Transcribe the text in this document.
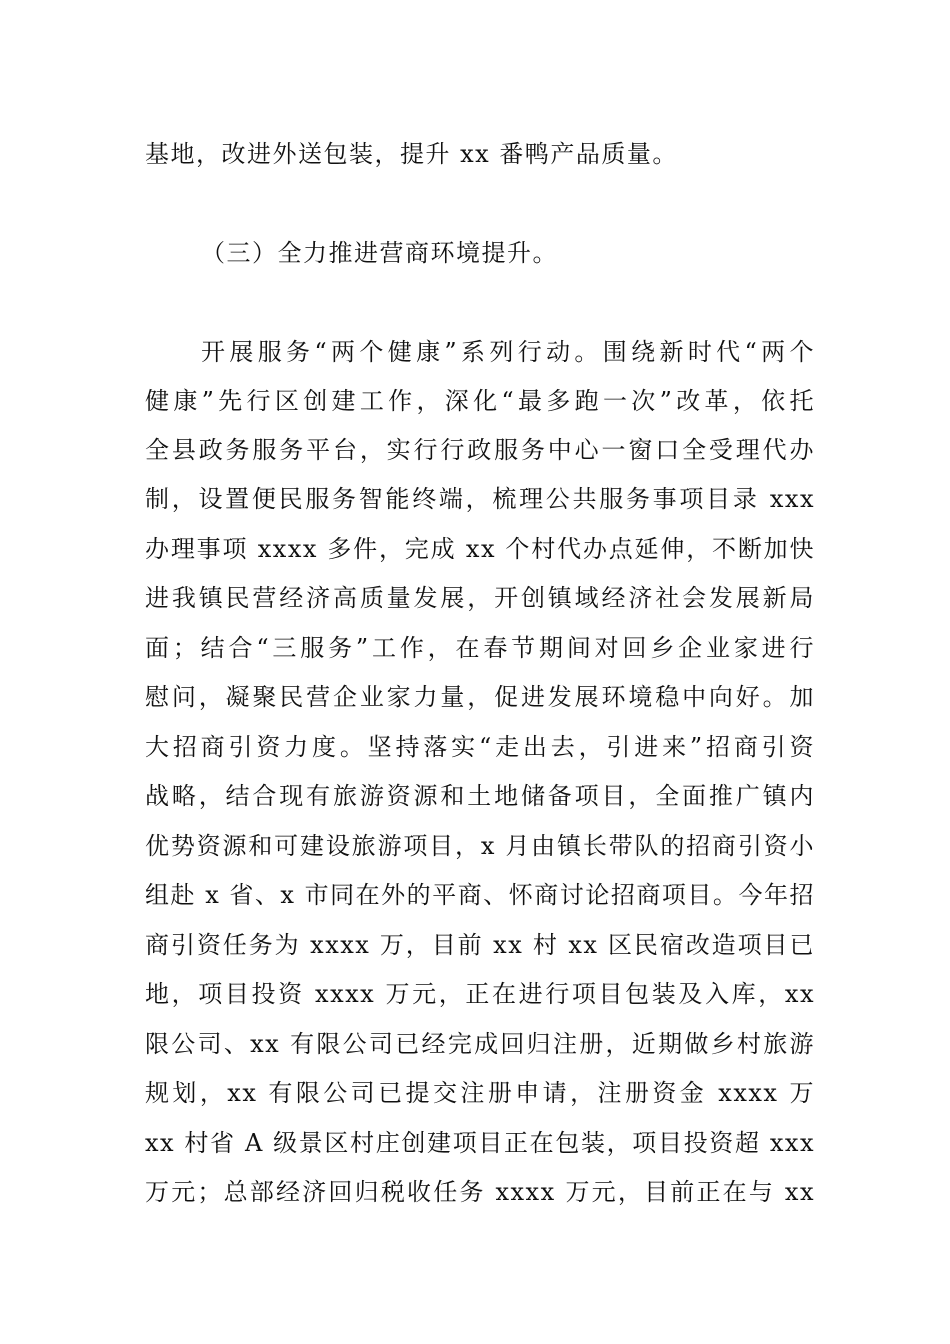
基地，改进外送包装，提升 xx 番鸭产品质量。
（三）全力推进营商环境提升。
开展服务“两个健康”系列行动。围绕新时代“两个
健康”先行区创建工作，深化“最多跑一次”改革，依托
全县政务服务平台，实行行政服务中心一窗口全受理代办
制，设置便民服务智能终端，梳理公共服务事项目录 xxx
办理事项 xxxx 多件，完成 xx 个村代办点延伸，不断加快
进我镇民营经济高质量发展，开创镇域经济社会发展新局
面；结合“三服务”工作，在春节期间对回乡企业家进行
慰问，凝聚民营企业家力量，促进发展环境稳中向好。加
大招商引资力度。坚持落实“走出去，引进来”招商引资
战略，结合现有旅游资源和土地储备项目，全面推广镇内
优势资源和可建设旅游项目，x 月由镇长带队的招商引资小
组赴 x 省、x 市同在外的平商、怀商讨论招商项目。今年招
商引资任务为 xxxx 万，目前 xx 村 xx 区民宿改造项目已
地，项目投资 xxxx 万元，正在进行项目包装及入库，xx
限公司、xx 有限公司已经完成回归注册，近期做乡村旅游
规划，xx 有限公司已提交注册申请，注册资金 xxxx 万
xx 村省 A 级景区村庄创建项目正在包装，项目投资超 xxx
万元；总部经济回归税收任务 xxxx 万元，目前正在与 xx
